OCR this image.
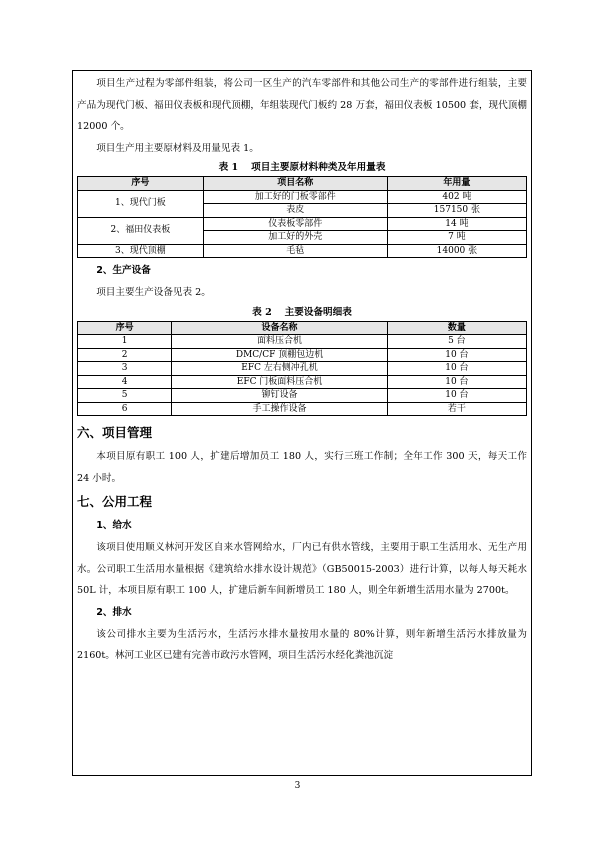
项目生产过程为零部件组装，将公司一区生产的汽车零部件和其他公司生产的零部件进行组装，主要产品为现代门板、福田仪表板和现代顶棚，年组装现代门板约 28 万套，福田仪表板 10500 套，现代顶棚 12000 个。

项目生产用主要原材料及用量见表 1。

表 1　 项目主要原材料种类及年用量表
序号	项目名称	年用量
1、现代门板	加工好的门板零部件	402 吨
	表皮	157150 张
2、福田仪表板	仪表板零部件	14 吨
	加工好的外壳	7 吨
3、现代顶棚	毛毡	14000 张
2、生产设备

项目主要生产设备见表 2。

表 2　 主要设备明细表
序号	设备名称	数量
1	面料压合机	5 台
2	DMC/CF 顶棚包边机	10 台
3	EFC 左右侧冲孔机	10 台
4	EFC 门板面料压合机	10 台
5	铆钉设备	10 台
6	手工操作设备	若干
六、项目管理

本项目原有职工 100 人，扩建后增加员工 180 人，实行三班工作制；全年工作 300 天，每天工作 24 小时。

七、公用工程
1、给水

该项目使用顺义林河开发区自来水管网给水，厂内已有供水管线，主要用于职工生活用水、无生产用水。公司职工生活用水量根据《建筑给水排水设计规范》（GB50015-2003）进行计算，以每人每天耗水 50L 计，本项目原有职工 100 人，扩建后新车间新增员工 180 人，则全年新增生活用水量为 2700t。

2、排水

该公司排水主要为生活污水，生活污水排水量按用水量的 80%计算，则年新增生活污水排放量为 2160t。林河工业区已建有完善市政污水管网，项目生活污水经化粪池沉淀

3
